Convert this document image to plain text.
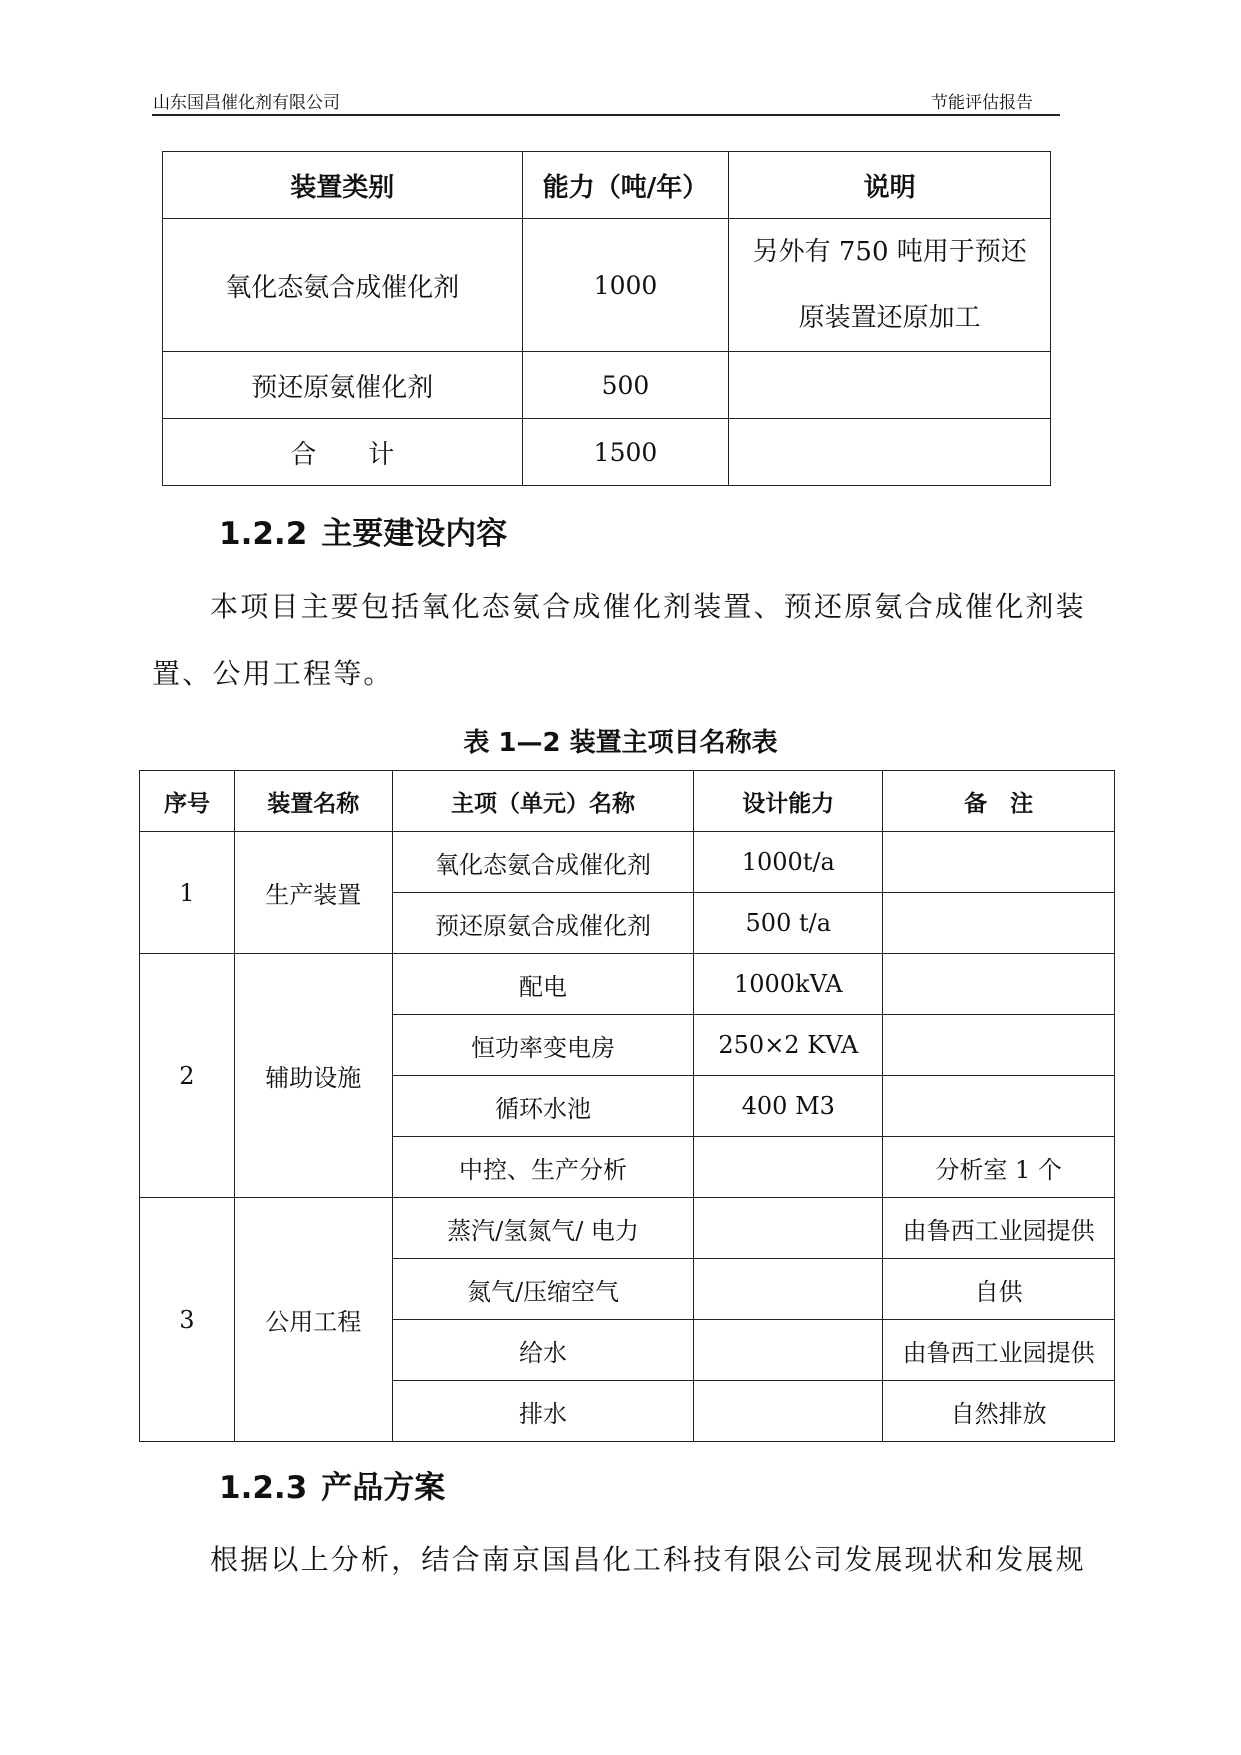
山东国昌催化剂有限公司	节能评估报告
装置类别	能力（吨/年）	说明
氧化态氨合成催化剂	1000	另外有 750 吨用于预还
原装置还原加工

预还原氨催化剂	500	
合　　计	1500	
1.2.2 主要建设内容
本项目主要包括氧化态氨合成催化剂装置、预还原氨合成催化剂装
置、公用工程等。
表 1—2 装置主项目名称表
序号	装置名称	主项（单元）名称	设计能力	备　注
1	生产装置	氧化态氨合成催化剂	1000t/a	
		预还原氨合成催化剂	500 t/a	
2	辅助设施	配电	1000kVA	
		恒功率变电房	250×2 KVA	
		循环水池	400 M3	
		中控、生产分析		分析室 1 个
3	公用工程	蒸汽/氢氮气/ 电力		由鲁西工业园提供
		氮气/压缩空气		自供
		给水		由鲁西工业园提供
		排水		自然排放
1.2.3 产品方案
根据以上分析，结合南京国昌化工科技有限公司发展现状和发展规
